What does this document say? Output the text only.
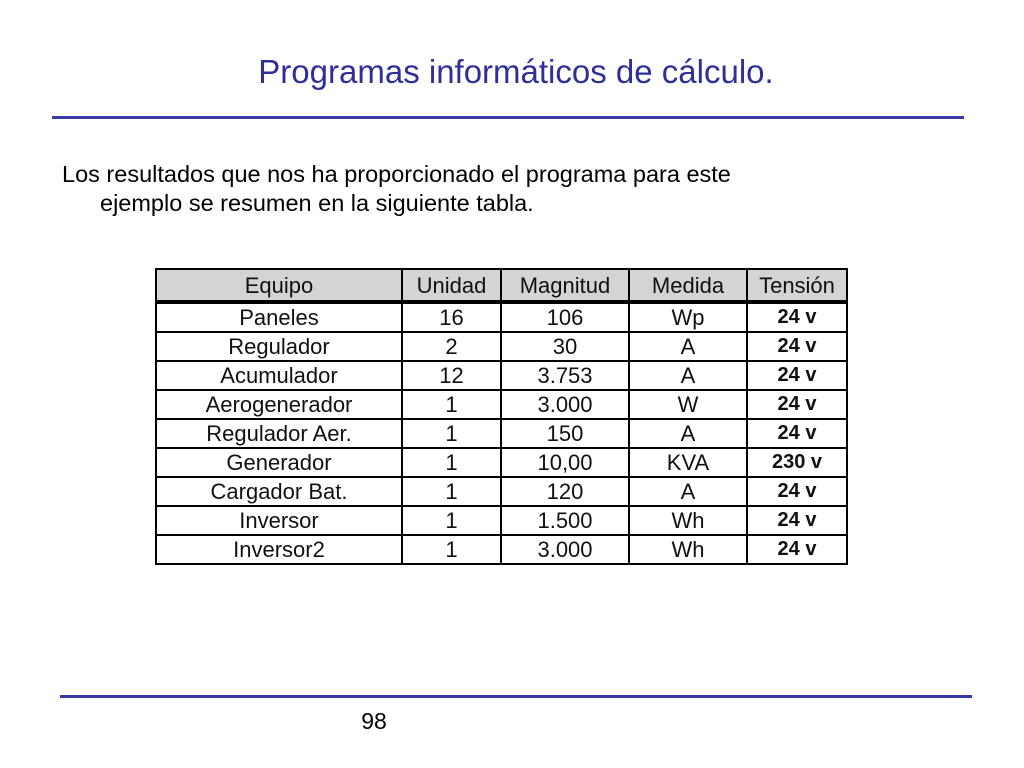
Programas informáticos de cálculo.
Los resultados que nos ha proporcionado el programa para este
ejemplo se resumen en la siguiente tabla.
Equipo	Unidad	Magnitud	Medida	Tensión
Paneles	16	106	Wp	24 v
Regulador	2	30	A	24 v
Acumulador	12	3.753	A	24 v
Aerogenerador	1	3.000	W	24 v
Regulador Aer.	1	150	A	24 v
Generador	1	10,00	KVA	230 v
Cargador Bat.	1	120	A	24 v
Inversor	1	1.500	Wh	24 v
Inversor2	1	3.000	Wh	24 v
98
